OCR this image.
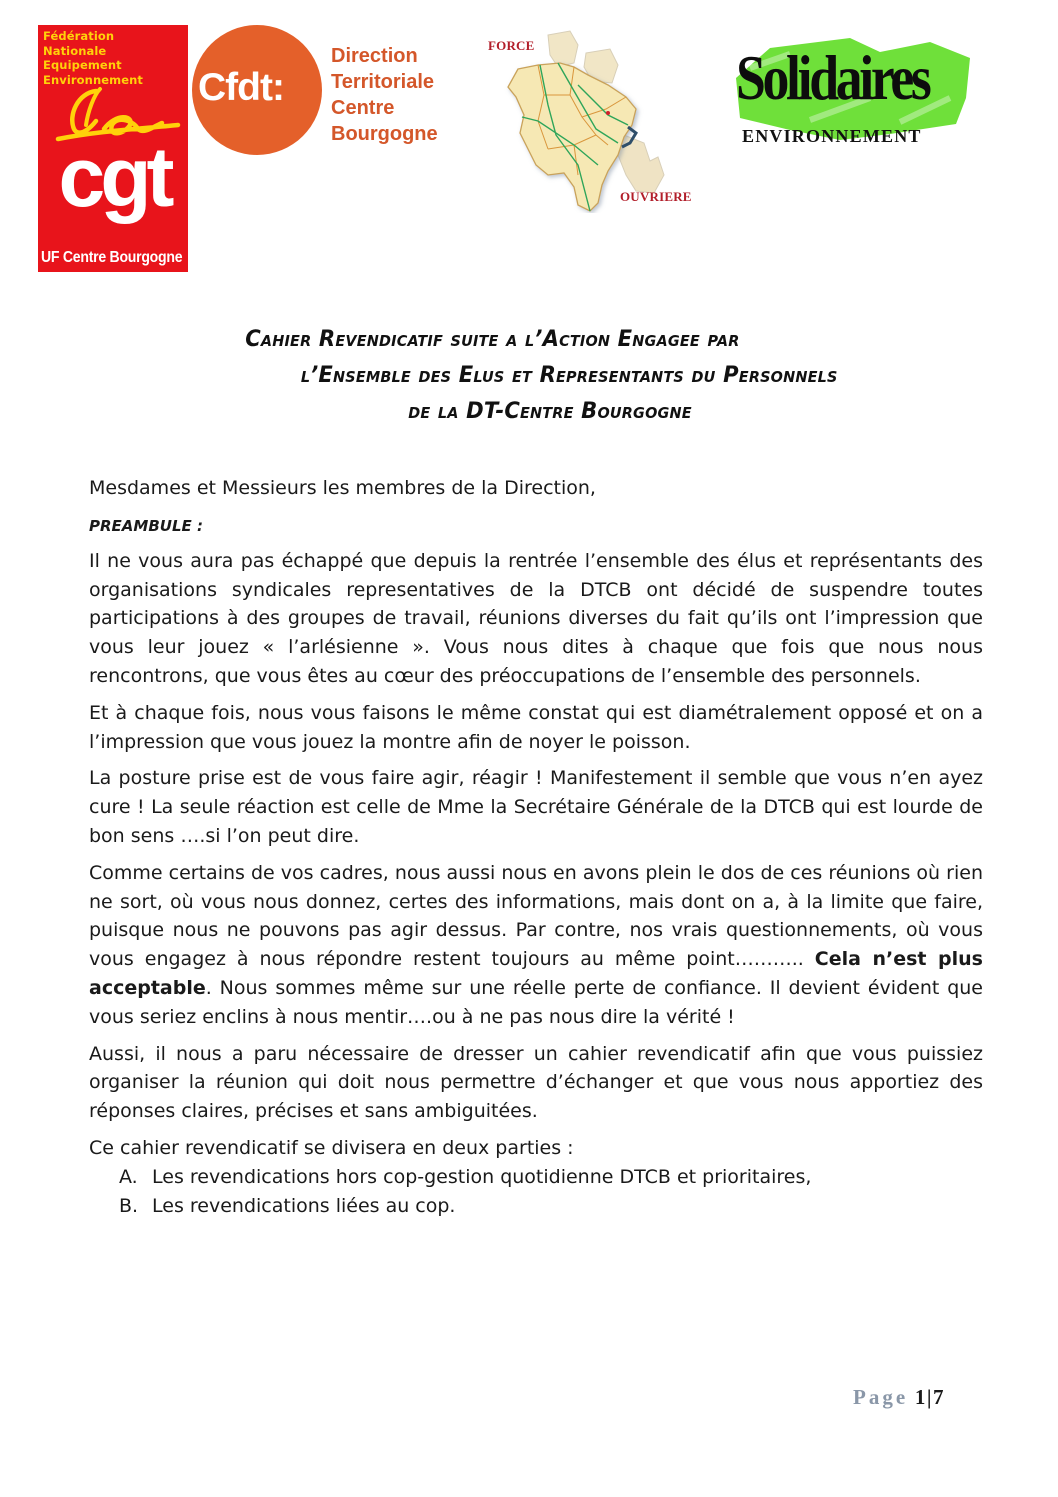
Fédération
Nationale
Equipement
Environnement
cgt
UF Centre Bourgogne
Cfdt:
Direction
Territoriale
Centre
Bourgogne
FORCE
OUVRIERE
Solidaires
ENVIRONNEMENT
Cahier Revendicatif suite a l’Action Engagee par
l’Ensemble des Elus et Representants du Personnels
de la DT-Centre Bourgogne

Mesdames et Messieurs les membres de la Direction,

PREAMBULE :

Il ne vous aura pas échappé que depuis la rentrée l’ensemble des élus et représentants des organisations syndicales representatives de la DTCB ont décidé de suspendre toutes participations à des groupes de travail, réunions diverses du fait qu’ils ont l’impression que vous leur jouez « l’arlésienne ». Vous nous dites à chaque que fois que nous nous rencontrons, que vous êtes au cœur des préoccupations de l’ensemble des personnels.

Et à chaque fois, nous vous faisons le même constat qui est diamétralement opposé et on a l’impression que vous jouez la montre afin de noyer le poisson.

La posture prise est de vous faire agir, réagir ! Manifestement il semble que vous n’en ayez cure ! La seule réaction est celle de Mme la Secrétaire Générale de la DTCB qui est lourde de bon sens ….si l’on peut dire.

Comme certains de vos cadres, nous aussi nous en avons plein le dos de ces réunions où rien ne sort, où vous nous donnez, certes des informations, mais dont on a, à la limite que faire, puisque nous ne pouvons pas agir dessus. Par contre, nos vrais questionnements, où vous vous engagez à nous répondre restent toujours au même point……….. Cela n’est plus acceptable. Nous sommes même sur une réelle perte de confiance. Il devient évident que vous seriez enclins à nous mentir….ou à ne pas nous dire la vérité !

Aussi, il nous a paru nécessaire de dresser un cahier revendicatif afin que vous puissiez organiser la réunion qui doit nous permettre d’échanger et que vous nous apportiez des réponses claires, précises et sans ambiguitées.

Ce cahier revendicatif se divisera en deux parties :

A. Les revendications hors cop-gestion quotidienne DTCB et prioritaires,
B. Les revendications liées au cop.
Page 1|7
